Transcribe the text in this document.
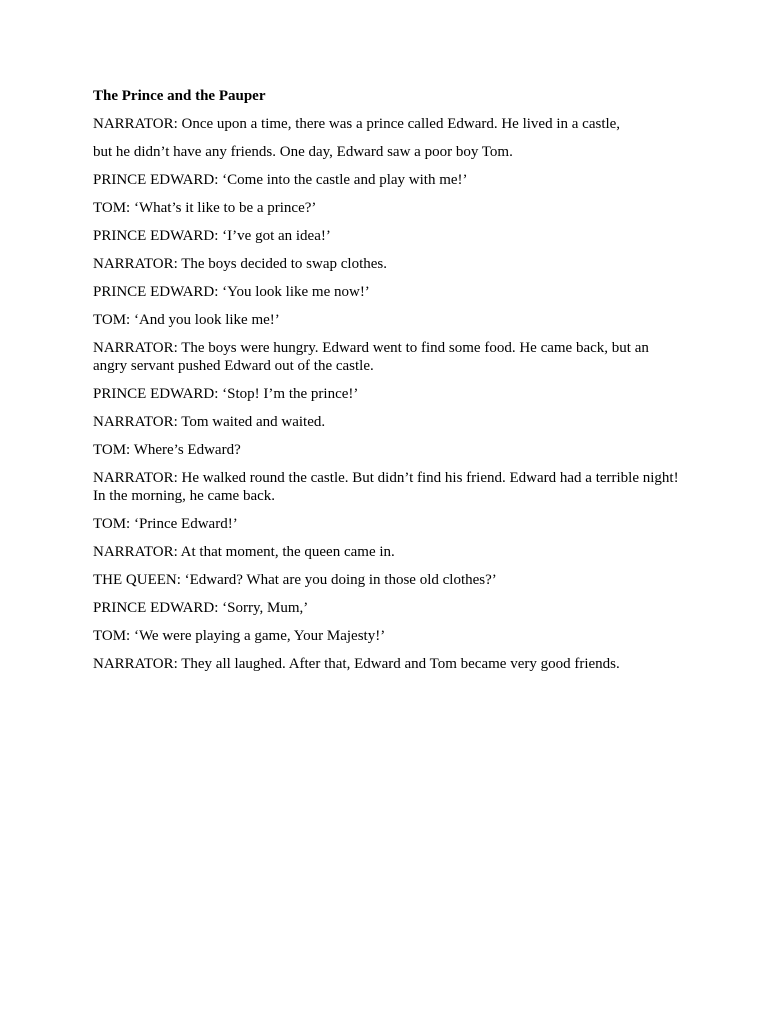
The Prince and the Pauper

NARRATOR: Once upon a time, there was a prince called Edward. He lived in a castle,

but he didn’t have any friends. One day, Edward saw a poor boy Tom.

PRINCE EDWARD: ‘Come into the castle and play with me!’

TOM: ‘What’s it like to be a prince?’

PRINCE EDWARD: ‘I’ve got an idea!’

NARRATOR: The boys decided to swap clothes.

PRINCE EDWARD: ‘You look like me now!’

TOM: ‘And you look like me!’

NARRATOR: The boys were hungry. Edward went to find some food. He came back, but an angry servant pushed Edward out of the castle.

PRINCE EDWARD: ‘Stop! I’m the prince!’

NARRATOR: Tom waited and waited.

TOM: Where’s Edward?

NARRATOR: He walked round the castle. But didn’t find his friend. Edward had a terrible night! In the morning, he came back.

TOM: ‘Prince Edward!’

NARRATOR: At that moment, the queen came in.

THE QUEEN: ‘Edward? What are you doing in those old clothes?’

PRINCE EDWARD: ‘Sorry, Mum,’

TOM: ‘We were playing a game, Your Majesty!’

NARRATOR: They all laughed. After that, Edward and Tom became very good friends.
